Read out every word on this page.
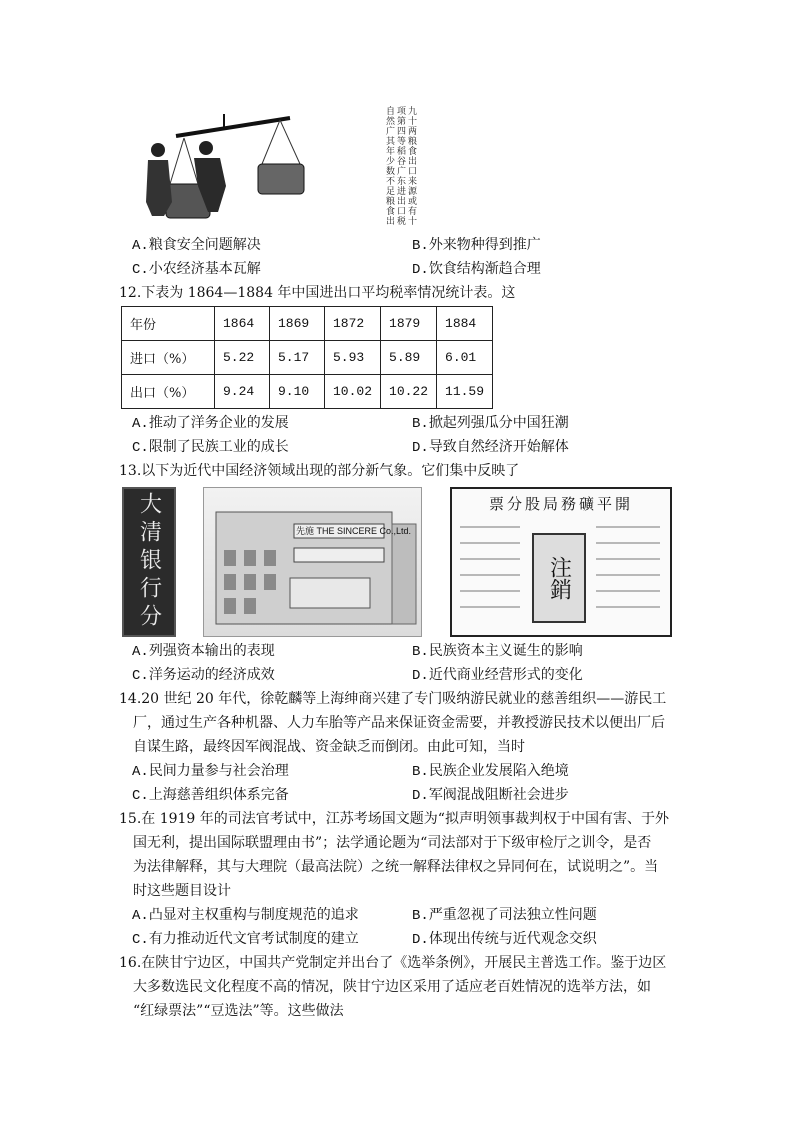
九十两粮食出口来源或有十项第四等稻谷广东进出口税自然广其年少数不足粮食出
A.粮食安全问题解决	B.外来物种得到推广
C.小农经济基本瓦解	D.饮食结构渐趋合理
12.下表为 1864—1884 年中国进出口平均税率情况统计表。这
年份	1864	1869	1872	1879	1884
进口（%）	5.22	5.17	5.93	5.89	6.01
出口（%）	9.24	9.10	10.02	10.22	11.59
A.推动了洋务企业的发展	B.掀起列强瓜分中国狂潮
C.限制了民族工业的成长	D.导致自然经济开始解体
13.以下为近代中国经济领域出现的部分新气象。它们集中反映了
大清银行分	先施 THE SINCERE Co.,Ltd.
票分股局務礦平開
注銷
A.列强资本输出的表现	B.民族资本主义诞生的影响
C.洋务运动的经济成效	D.近代商业经营形式的变化
14.20 世纪 20 年代，徐乾麟等上海绅商兴建了专门吸纳游民就业的慈善组织——游民工
厂，通过生产各种机器、人力车胎等产品来保证资金需要，并教授游民技术以便出厂后
自谋生路，最终因军阀混战、资金缺乏而倒闭。由此可知，当时
A.民间力量参与社会治理	B.民族企业发展陷入绝境
C.上海慈善组织体系完备	D.军阀混战阻断社会进步
15.在 1919 年的司法官考试中，江苏考场国文题为“拟声明领事裁判权于中国有害、于外
国无利，提出国际联盟理由书”；法学通论题为“司法部对于下级审检厅之训令，是否
为法律解释，其与大理院（最高法院）之统一解释法律权之异同何在，试说明之”。当
时这些题目设计
A.凸显对主权重构与制度规范的追求	B.严重忽视了司法独立性问题
C.有力推动近代文官考试制度的建立	D.体现出传统与近代观念交织
16.在陕甘宁边区，中国共产党制定并出台了《选举条例》，开展民主普选工作。鉴于边区
大多数选民文化程度不高的情况，陕甘宁边区采用了适应老百姓情况的选举方法，如
“红绿票法”“豆选法”等。这些做法
